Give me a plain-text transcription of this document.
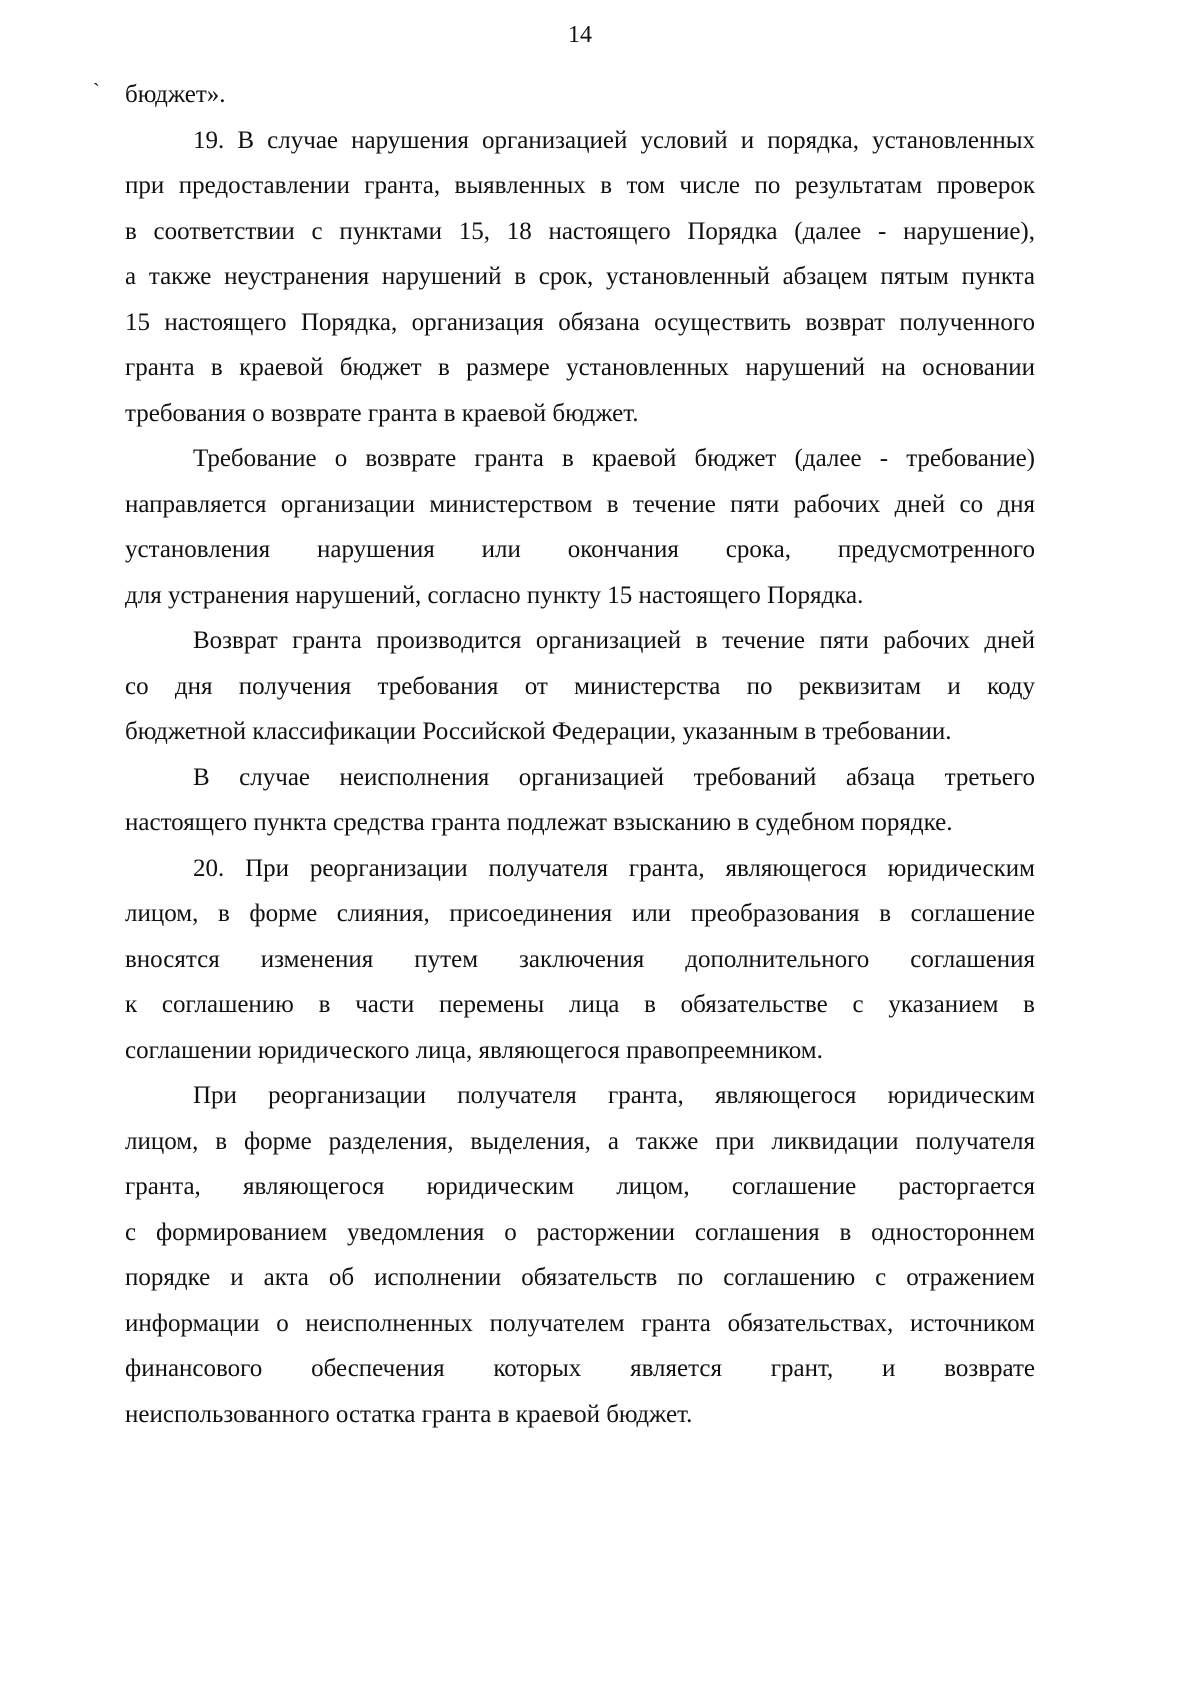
14
` бюджет».
19. В случае нарушения организацией условий и порядка, установленных
при предоставлении гранта, выявленных в том числе по результатам проверок
в соответствии с пунктами 15, 18 настоящего Порядка (далее - нарушение),
а также неустранения нарушений в срок, установленный абзацем пятым пункта
15 настоящего Порядка, организация обязана осуществить возврат полученного
гранта в краевой бюджет в размере установленных нарушений на основании
требования о возврате гранта в краевой бюджет.
Требование о возврате гранта в краевой бюджет (далее - требование)
направляется организации министерством в течение пяти рабочих дней со дня
установления нарушения или окончания срока, предусмотренного
для устранения нарушений, согласно пункту 15 настоящего Порядка.
Возврат гранта производится организацией в течение пяти рабочих дней
со дня получения требования от министерства по реквизитам и коду
бюджетной классификации Российской Федерации, указанным в требовании.
В случае неисполнения организацией требований абзаца третьего
настоящего пункта средства гранта подлежат взысканию в судебном порядке.
20. При реорганизации получателя гранта, являющегося юридическим
лицом, в форме слияния, присоединения или преобразования в соглашение
вносятся изменения путем заключения дополнительного соглашения
к соглашению в части перемены лица в обязательстве с указанием в
соглашении юридического лица, являющегося правопреемником.
При реорганизации получателя гранта, являющегося юридическим
лицом, в форме разделения, выделения, а также при ликвидации получателя
гранта, являющегося юридическим лицом, соглашение расторгается
с формированием уведомления о расторжении соглашения в одностороннем
порядке и акта об исполнении обязательств по соглашению с отражением
информации о неисполненных получателем гранта обязательствах, источником
финансового обеспечения которых является грант, и возврате
неиспользованного остатка гранта в краевой бюджет.
